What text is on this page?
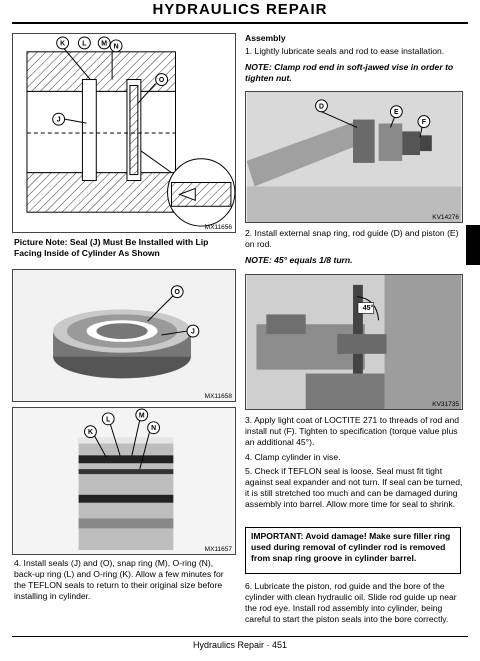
HYDRAULICS REPAIR
K L M N
O
J
MX11656
Picture Note: Seal (J) Must Be Installed with Lip Facing Inside of Cylinder As Shown
O
J
MX11658
L
M
K
N
MX11657
4. Install seals (J) and (O), snap ring (M), O-ring (N), back-up ring (L) and O-ring (K). Allow a few minutes for the TEFLON seals to return to their original size before installing in cylinder.
Assembly
1. Lightly lubricate seals and rod to ease installation.
NOTE: Clamp rod end in soft-jawed vise in order to tighten nut.
D
E
F
KV14276
2. Install external snap ring, rod guide (D) and piston (E) on rod.
NOTE: 45° equals 1/8 turn.
45°
KV31735
3. Apply light coat of LOCTITE 271 to threads of rod and install nut (F). Tighten to specification (torque value plus an additional 45°).
4. Clamp cylinder in vise.
5. Check if TEFLON seal is loose. Seal must fit tight against seal expander and not turn. If seal can be turned, it is still stretched too much and can be damaged during assembly into barrel. Allow more time for seal to shrink.
IMPORTANT: Avoid damage! Make sure filler ring used during removal of cylinder rod is removed from snap ring groove in cylinder barrel.
6. Lubricate the piston, rod guide and the bore of the cylinder with clean hydraulic oil. Slide rod guide up near the rod eye. Install rod assembly into cylinder, being careful to start the piston seals into the bore correctly.
Hydraulics Repair · 451
